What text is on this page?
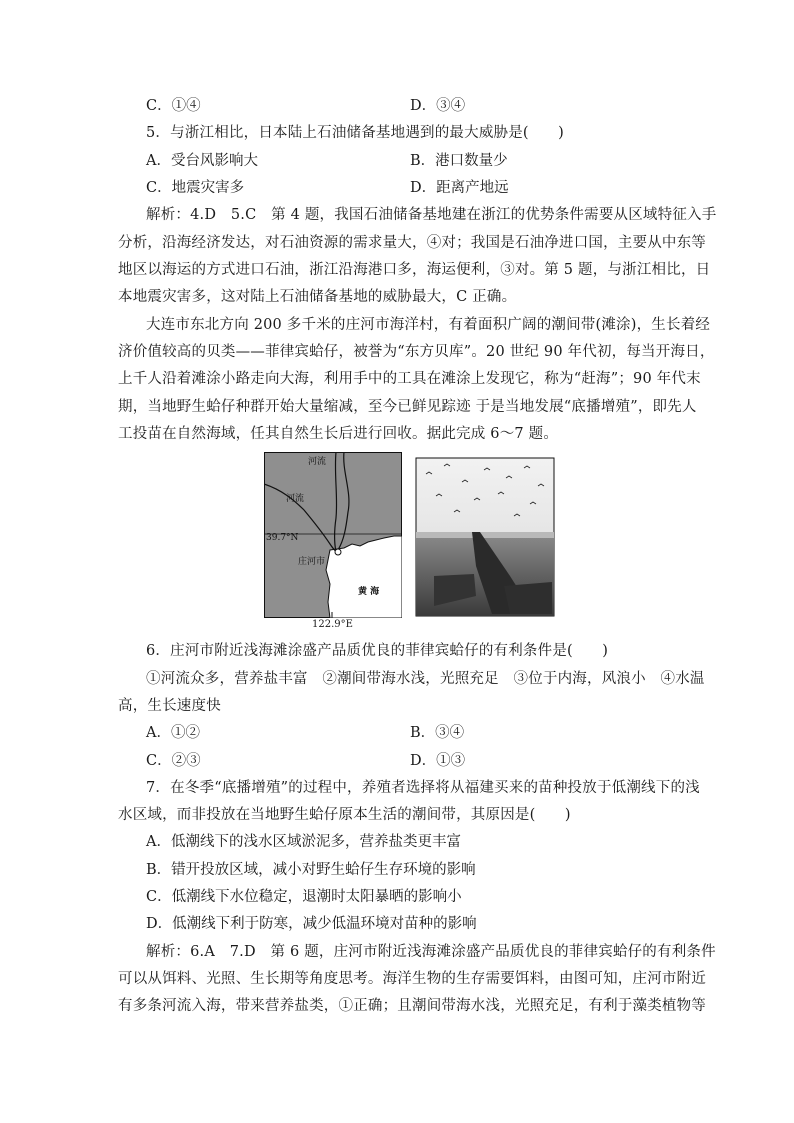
C．①④	D．③④
5．与浙江相比，日本陆上石油储备基地遇到的最大威胁是(　　)
A．受台风影响大	B．港口数量少
C．地震灾害多	D．距离产地远
解析：4.D　5.C　第 4 题，我国石油储备基地建在浙江的优势条件需要从区域特征入手
分析，沿海经济发达，对石油资源的需求量大，④对；我国是石油净进口国，主要从中东等
地区以海运的方式进口石油，浙江沿海港口多，海运便利，③对。第 5 题，与浙江相比，日
本地震灾害多，这对陆上石油储备基地的威胁最大，C 正确。
大连市东北方向 200 多千米的庄河市海洋村，有着面积广阔的潮间带(滩涂)，生长着经
济价值较高的贝类——菲律宾蛤仔，被誉为“东方贝库”。20 世纪 90 年代初，每当开海日，
上千人沿着滩涂小路走向大海，利用手中的工具在滩涂上发现它，称为“赶海”；90 年代末
期，当地野生蛤仔种群开始大量缩减，至今已鲜见踪迹 于是当地发展“底播增殖”，即先人
工投苗在自然海域，任其自然生长后进行回收。据此完成 6～7 题。
河流
河流
39.7°N
庄河市
黄 海
122.9°E
6．庄河市附近浅海滩涂盛产品质优良的菲律宾蛤仔的有利条件是(　　)
①河流众多，营养盐丰富　②潮间带海水浅，光照充足　③位于内海，风浪小　④水温
高，生长速度快
A．①②	B．③④
C．②③	D．①③
7．在冬季“底播增殖”的过程中，养殖者选择将从福建买来的苗种投放于低潮线下的浅
水区域，而非投放在当地野生蛤仔原本生活的潮间带，其原因是(　　)
A．低潮线下的浅水区域淤泥多，营养盐类更丰富
B．错开投放区域，减小对野生蛤仔生存环境的影响
C．低潮线下水位稳定，退潮时太阳暴晒的影响小
D．低潮线下利于防寒，减少低温环境对苗种的影响
解析：6.A　7.D　第 6 题，庄河市附近浅海滩涂盛产品质优良的菲律宾蛤仔的有利条件
可以从饵料、光照、生长期等角度思考。海洋生物的生存需要饵料，由图可知，庄河市附近
有多条河流入海，带来营养盐类，①正确；且潮间带海水浅，光照充足，有利于藻类植物等
